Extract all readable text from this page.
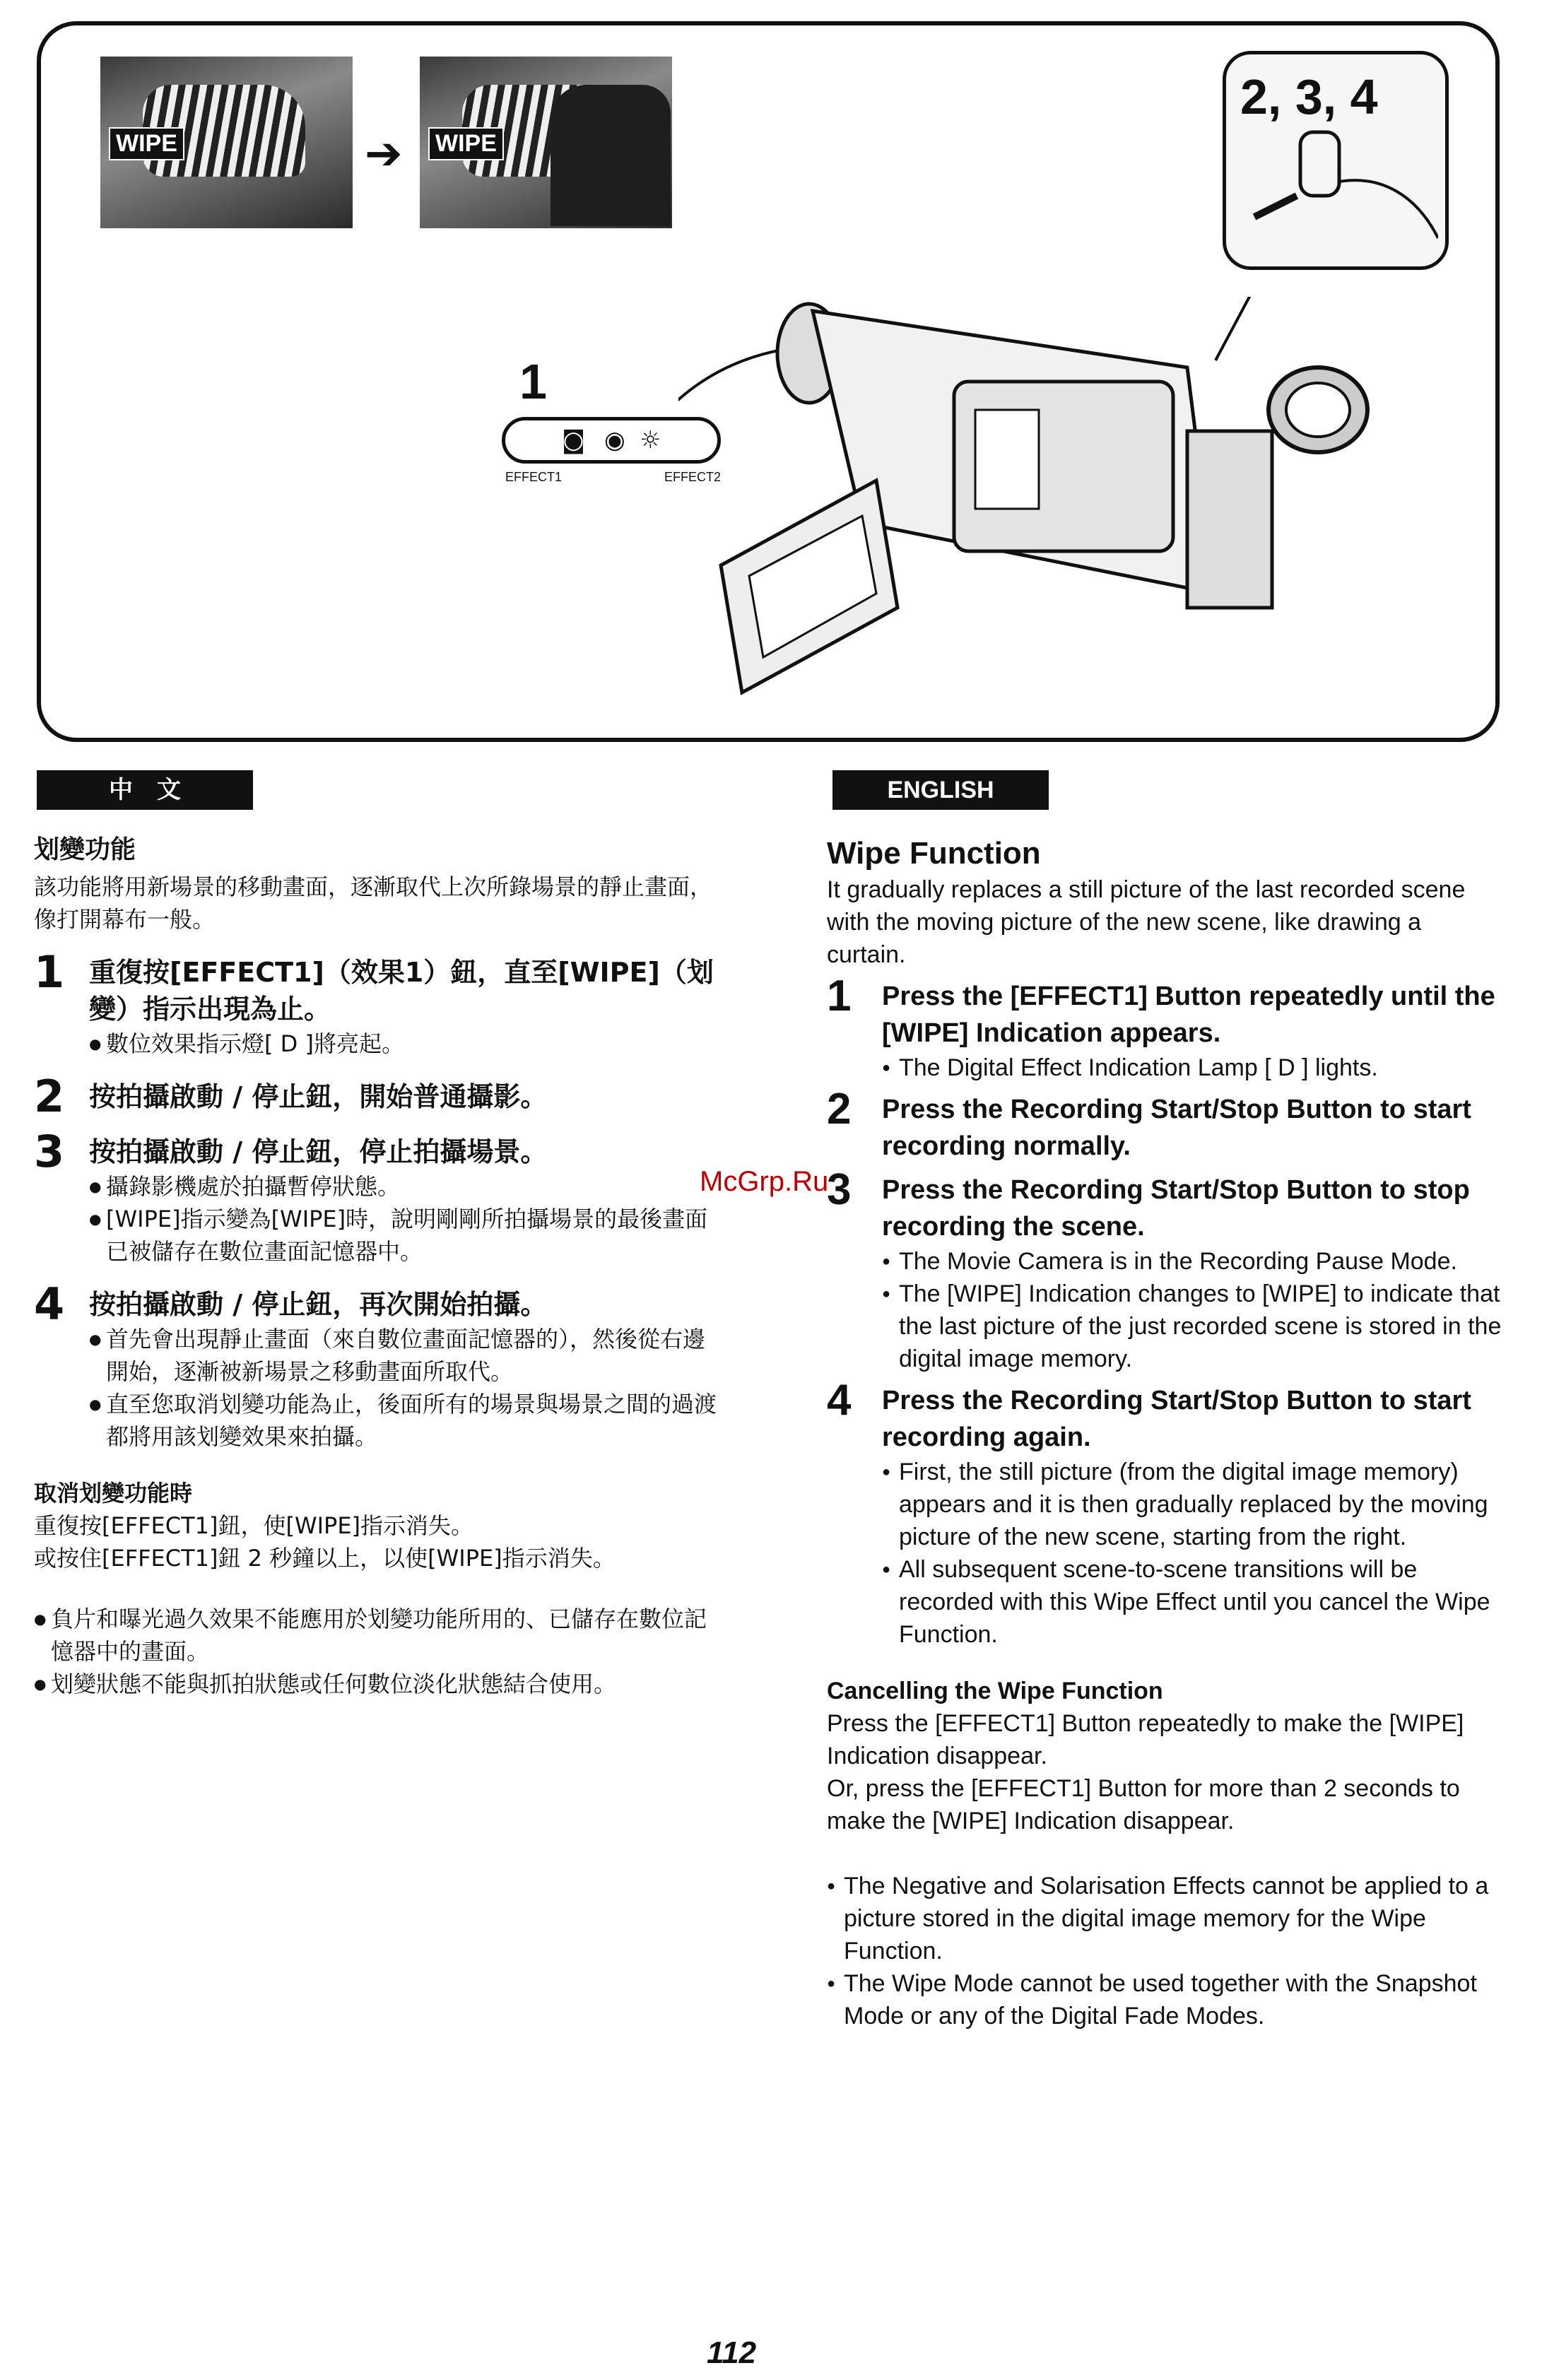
WIPE	➔ WIPE
2, 3, 4
1
◙ ◉ ☼
EFFECT1	EFFECT2
中　文	ENGLISH
划變功能
該功能將用新場景的移動畫面，逐漸取代上次所錄場景的靜止畫面，像打開幕布一般。
1 重復按[EFFECT1]（效果1）鈕，直至[WIPE]（划變）指示出現為止。
● 數位效果指示燈[ D ]將亮起。
2 按拍攝啟動 / 停止鈕，開始普通攝影。
3 按拍攝啟動 / 停止鈕，停止拍攝場景。
● 攝錄影機處於拍攝暫停狀態。
● [WIPE]指示變為[WIPE]時，說明剛剛所拍攝場景的最後畫面已被儲存在數位畫面記憶器中。
4 按拍攝啟動 / 停止鈕，再次開始拍攝。
● 首先會出現靜止畫面（來自數位畫面記憶器的），然後從右邊開始，逐漸被新場景之移動畫面所取代。
● 直至您取消划變功能為止，後面所有的場景與場景之間的過渡都將用該划變效果來拍攝。
取消划變功能時
重復按[EFFECT1]鈕，使[WIPE]指示消失。
或按住[EFFECT1]鈕 2 秒鐘以上，以使[WIPE]指示消失。
● 負片和曝光過久效果不能應用於划變功能所用的、已儲存在數位記憶器中的畫面。
● 划變狀態不能與抓拍狀態或任何數位淡化狀態結合使用。
Wipe Function
It gradually replaces a still picture of the last recorded scene with the moving picture of the new scene, like drawing a curtain.
1 Press the [EFFECT1] Button repeatedly until the [WIPE] Indication appears.
● The Digital Effect Indication Lamp [ D ] lights.
2 Press the Recording Start/Stop Button to start recording normally.
3 Press the Recording Start/Stop Button to stop recording the scene.
● The Movie Camera is in the Recording Pause Mode.
● The [WIPE] Indication changes to [WIPE] to indicate that the last picture of the just recorded scene is stored in the digital image memory.
4 Press the Recording Start/Stop Button to start recording again.
● First, the still picture (from the digital image memory) appears and it is then gradually replaced by the moving picture of the new scene, starting from the right.
● All subsequent scene-to-scene transitions will be recorded with this Wipe Effect until you cancel the Wipe Function.
Cancelling the Wipe Function
Press the [EFFECT1] Button repeatedly to make the [WIPE] Indication disappear.
Or, press the [EFFECT1] Button for more than 2 seconds to make the [WIPE] Indication disappear.
● The Negative and Solarisation Effects cannot be applied to a picture stored in the digital image memory for the Wipe Function.
● The Wipe Mode cannot be used together with the Snapshot Mode or any of the Digital Fade Modes.
McGrp.Ru
112
